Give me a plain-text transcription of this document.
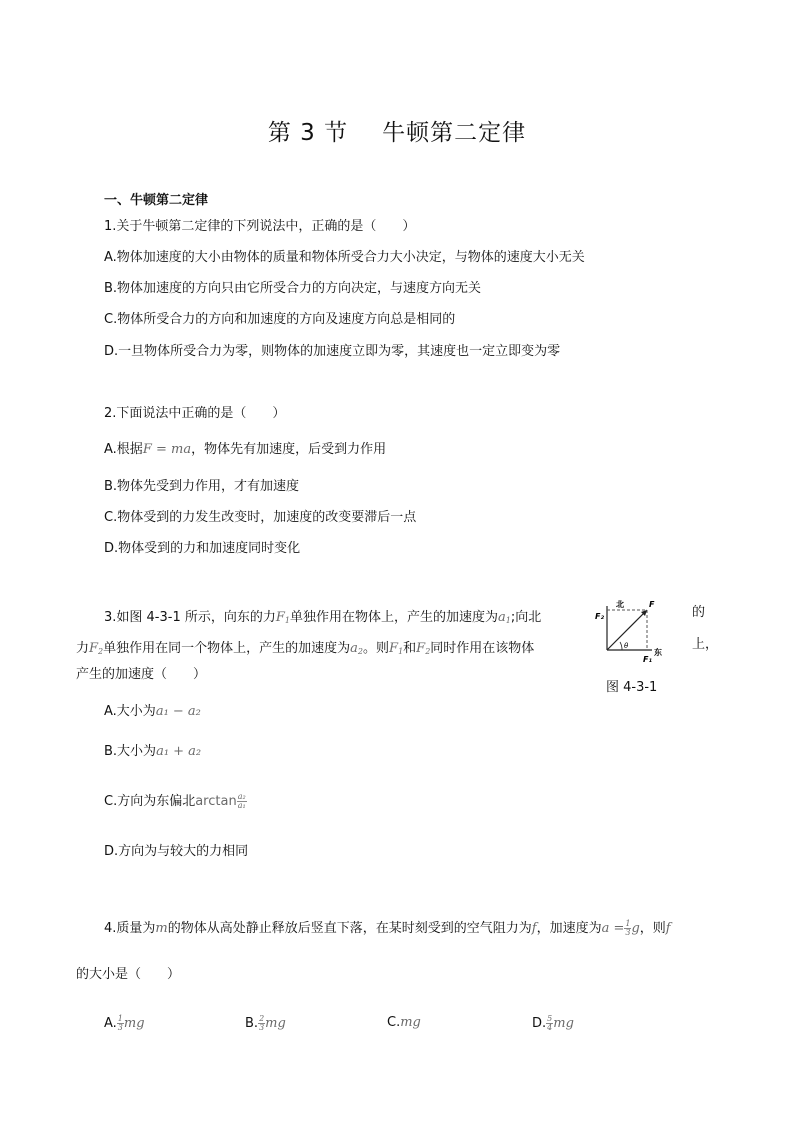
第 3 节 牛顿第二定律
一、牛顿第二定律
1.关于牛顿第二定律的下列说法中，正确的是（　　）
A.物体加速度的大小由物体的质量和物体所受合力大小决定，与物体的速度大小无关
B.物体加速度的方向只由它所受合力的方向决定，与速度方向无关
C.物体所受合力的方向和加速度的方向及速度方向总是相同的
D.一旦物体所受合力为零，则物体的加速度立即为零，其速度也一定立即变为零
2.下面说法中正确的是（　　）
A.根据F = ma，物体先有加速度，后受到力作用
B.物体先受到力作用，才有加速度
C.物体受到的力发生改变时，加速度的改变要滞后一点
D.物体受到的力和加速度同时变化
3.如图 4-3-1 所示，向东的力$F_1$单独作用在物体上，产生的加速度为$a_1$;向北
力$F_2$单独作用在同一个物体上，产生的加速度为$a_2$。则$F_1$和$F_2$同时作用在该物体
产生的加速度（　　）
的
上，
北	F
F₂
θ
F₁
东
图 4-3-1
A.大小为a₁ − a₂
B.大小为a₁ + a₂
C.方向为东偏北$\arctan \frac{\text{a₂}}{\text{a₁}}$
D.方向为与较大的力相同
4.质量为m的物体从高处静止释放后竖直下落，在某时刻受到的空气阻力为f，加速度为$a = \frac{1}{3}$ g，则f
的大小是（　　）
A. $\frac{1}{3}$ mg	B. $\frac{2}{3}$ mg	C.mg	D. $\frac{5}{4}$ mg
